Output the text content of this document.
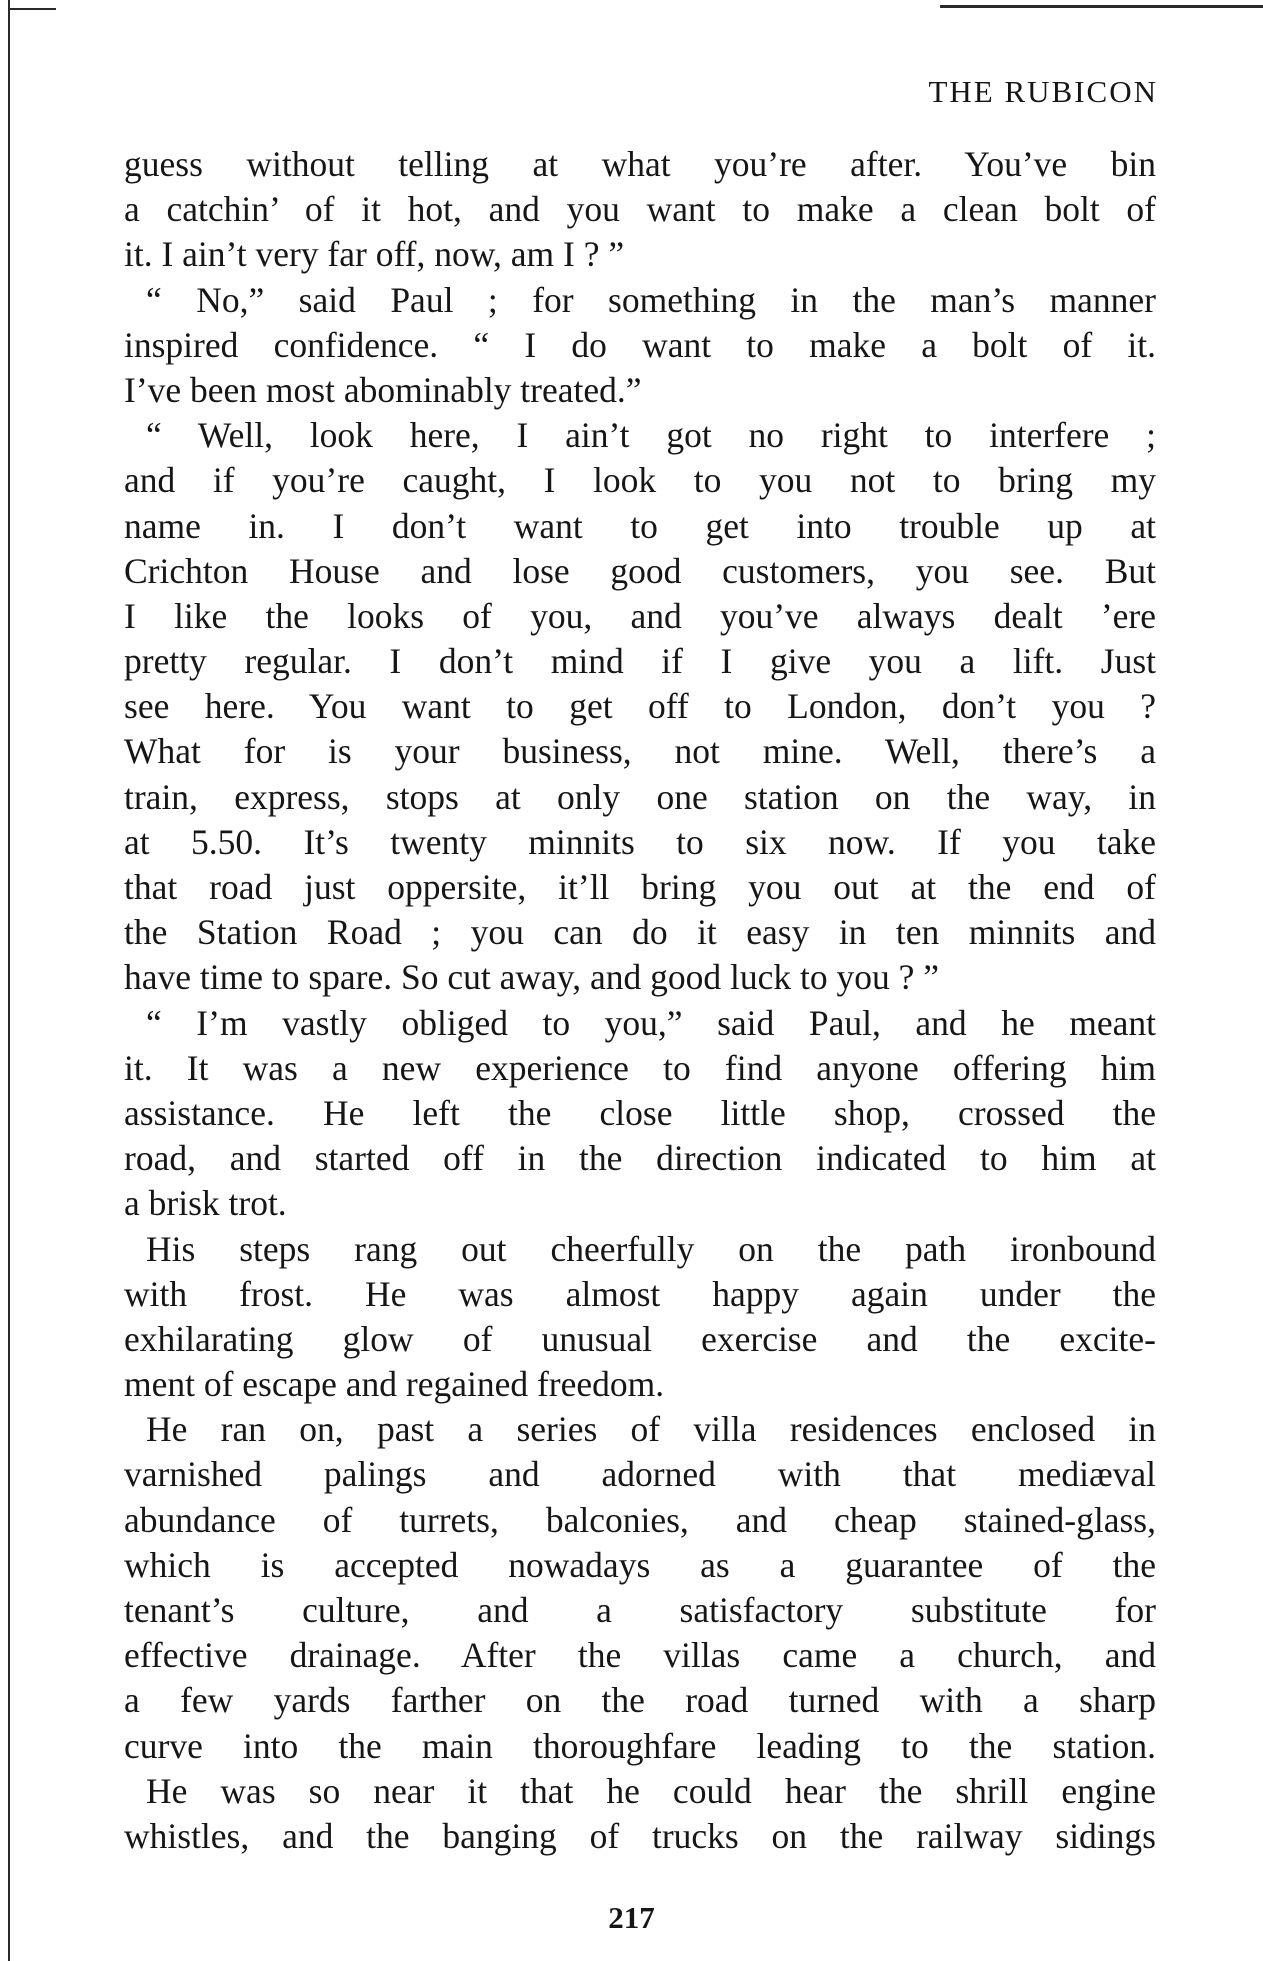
THE RUBICON
guess without telling at what you’re after. You’ve bin
a catchin’ of it hot, and you want to make a clean bolt of
it. I ain’t very far off, now, am I ? ”
“ No,” said Paul ; for something in the man’s manner
inspired confidence. “ I do want to make a bolt of it.
I’ve been most abominably treated.”
“ Well, look here, I ain’t got no right to interfere ;
and if you’re caught, I look to you not to bring my
name in. I don’t want to get into trouble up at
Crichton House and lose good customers, you see. But
I like the looks of you, and you’ve always dealt ’ere
pretty regular. I don’t mind if I give you a lift. Just
see here. You want to get off to London, don’t you ?
What for is your business, not mine. Well, there’s a
train, express, stops at only one station on the way, in
at 5.50. It’s twenty minnits to six now. If you take
that road just oppersite, it’ll bring you out at the end of
the Station Road ; you can do it easy in ten minnits and
have time to spare. So cut away, and good luck to you ? ”
“ I’m vastly obliged to you,” said Paul, and he meant
it. It was a new experience to find anyone offering him
assistance. He left the close little shop, crossed the
road, and started off in the direction indicated to him at
a brisk trot.
His steps rang out cheerfully on the path ironbound
with frost. He was almost happy again under the
exhilarating glow of unusual exercise and the excite-
ment of escape and regained freedom.
He ran on, past a series of villa residences enclosed in
varnished palings and adorned with that mediæval
abundance of turrets, balconies, and cheap stained-glass,
which is accepted nowadays as a guarantee of the
tenant’s culture, and a satisfactory substitute for
effective drainage. After the villas came a church, and
a few yards farther on the road turned with a sharp
curve into the main thoroughfare leading to the station.
He was so near it that he could hear the shrill engine
whistles, and the banging of trucks on the railway sidings
217
